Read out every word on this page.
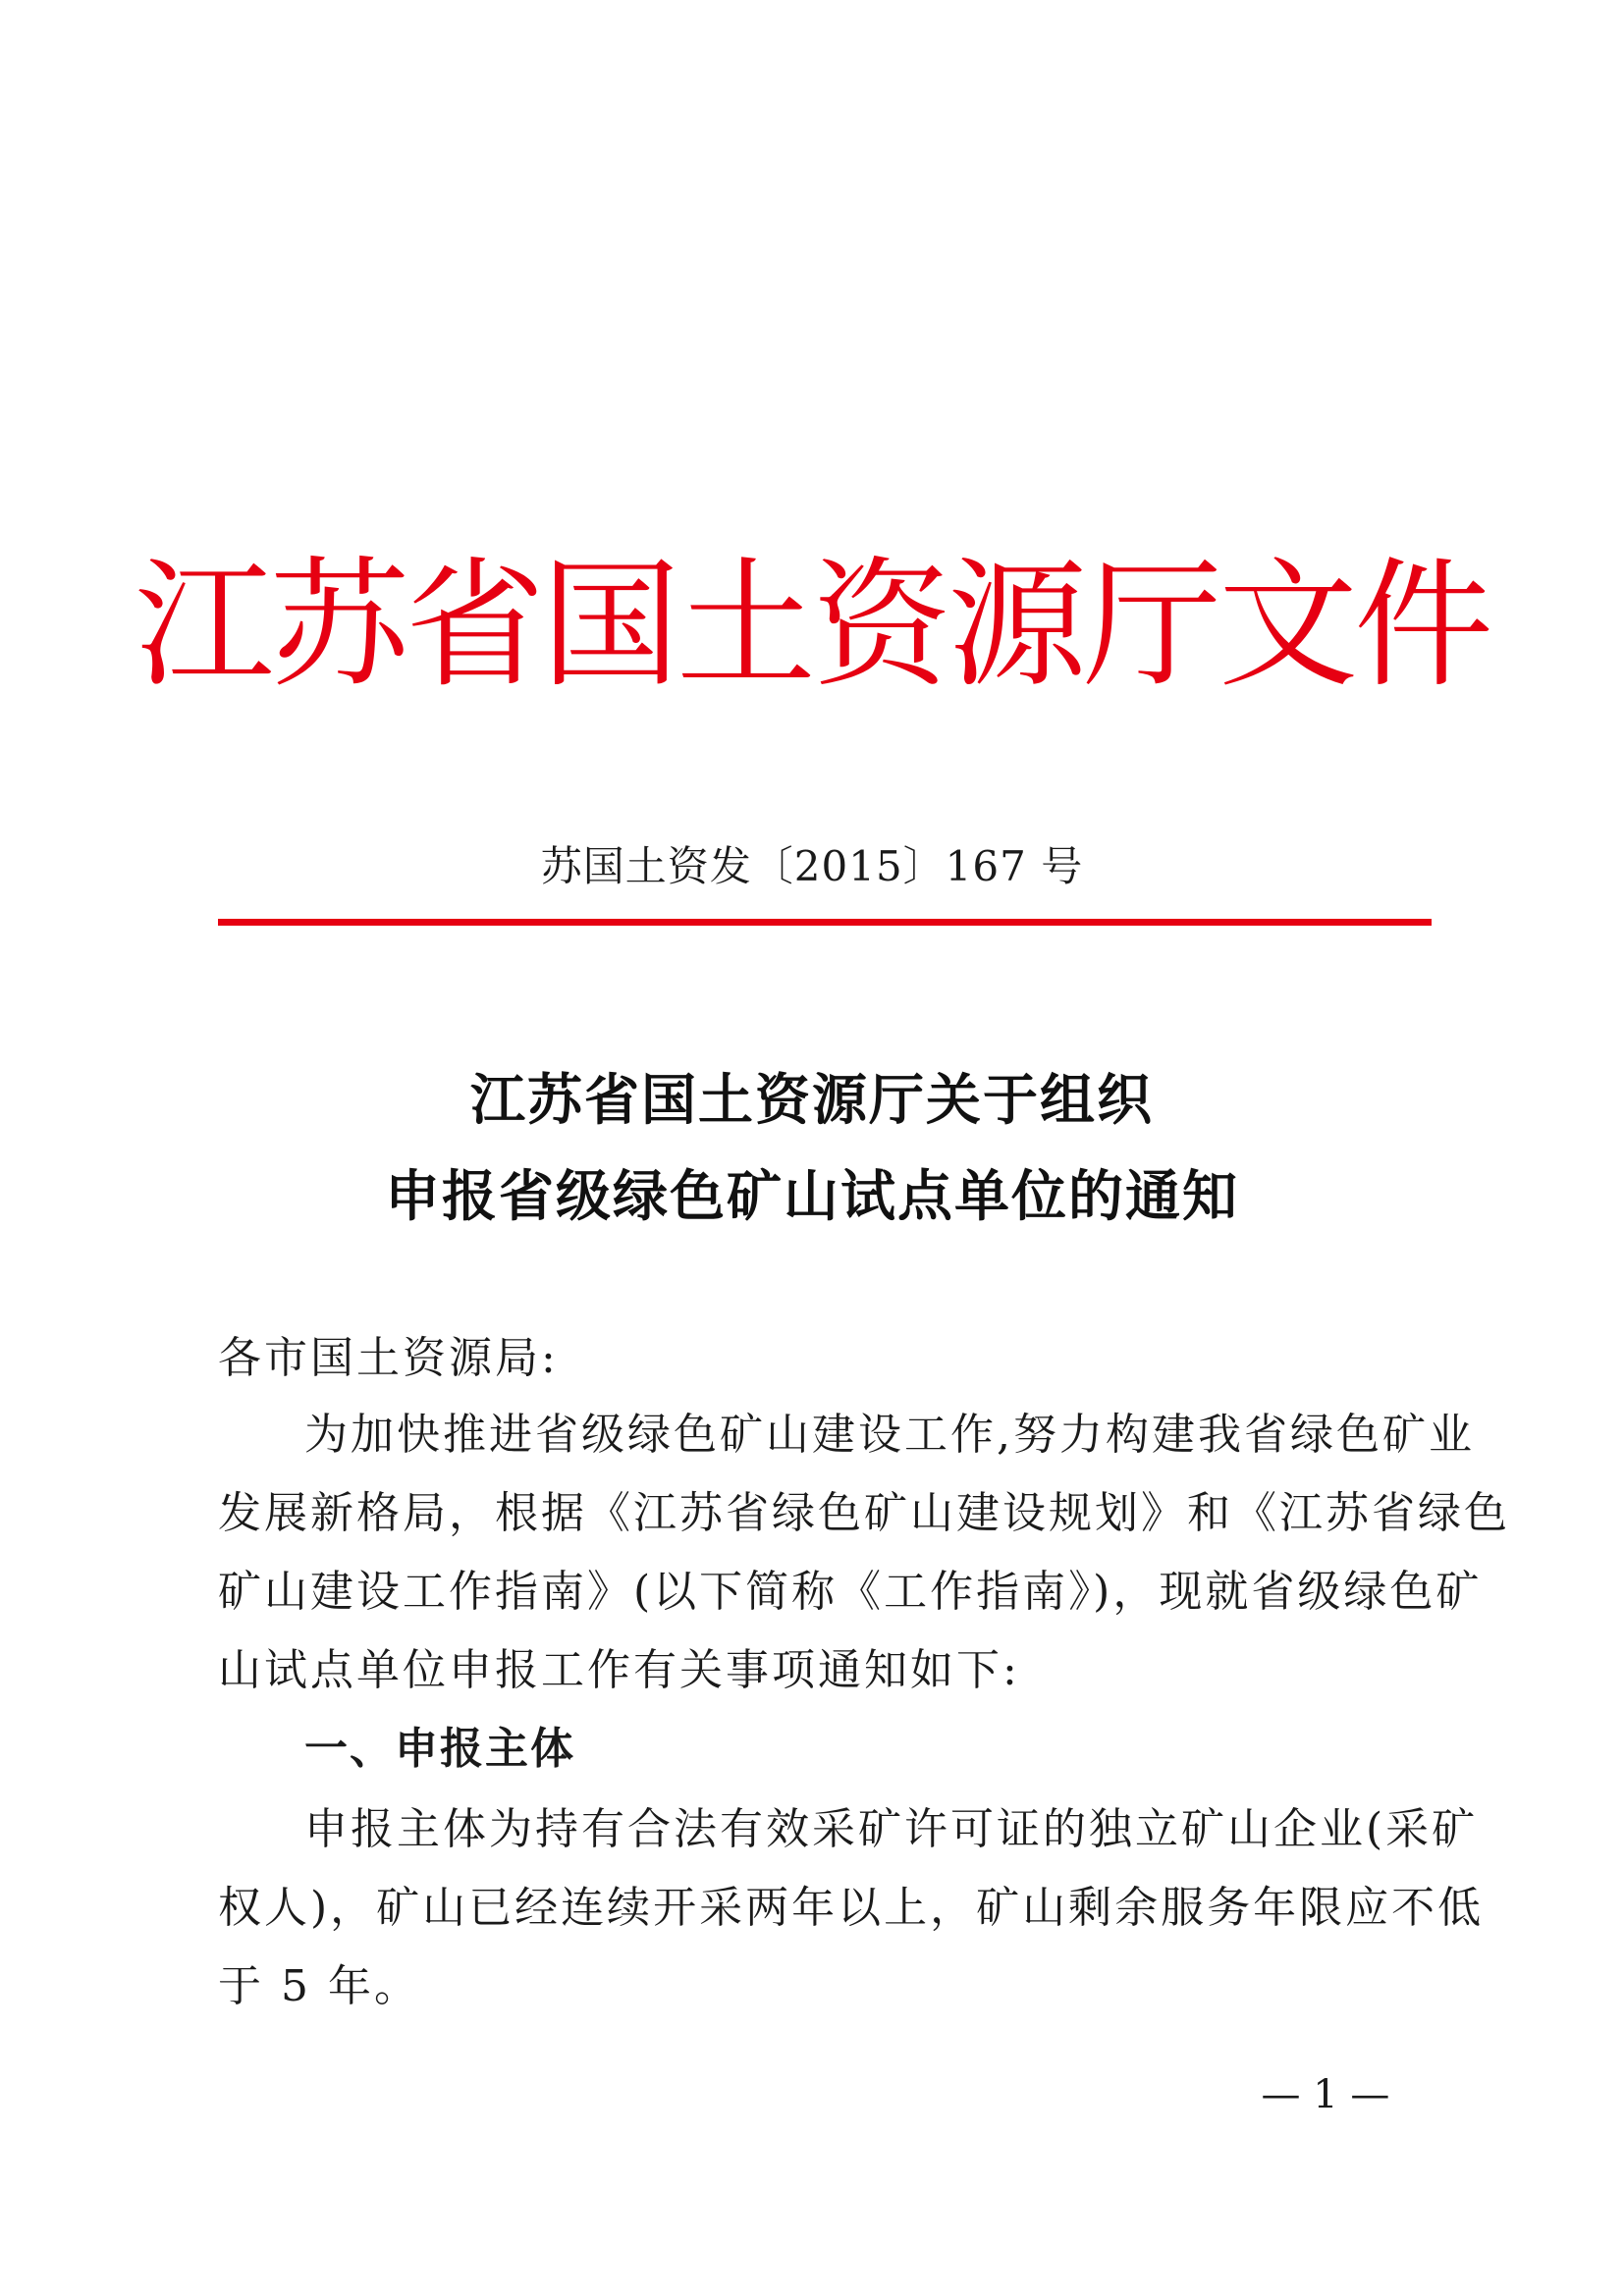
江苏省国土资源厅文件
苏国土资发〔2015〕167 号
江苏省国土资源厅关于组织
申报省级绿色矿山试点单位的通知
各市国土资源局:
为加快推进省级绿色矿山建设工作,努力构建我省绿色矿业
发展新格局，根据《江苏省绿色矿山建设规划》和《江苏省绿色
矿山建设工作指南》(以下简称《工作指南》)，现就省级绿色矿
山试点单位申报工作有关事项通知如下:
一、申报主体
申报主体为持有合法有效采矿许可证的独立矿山企业(采矿
权人)，矿山已经连续开采两年以上，矿山剩余服务年限应不低
于 5 年。
— 1 —
